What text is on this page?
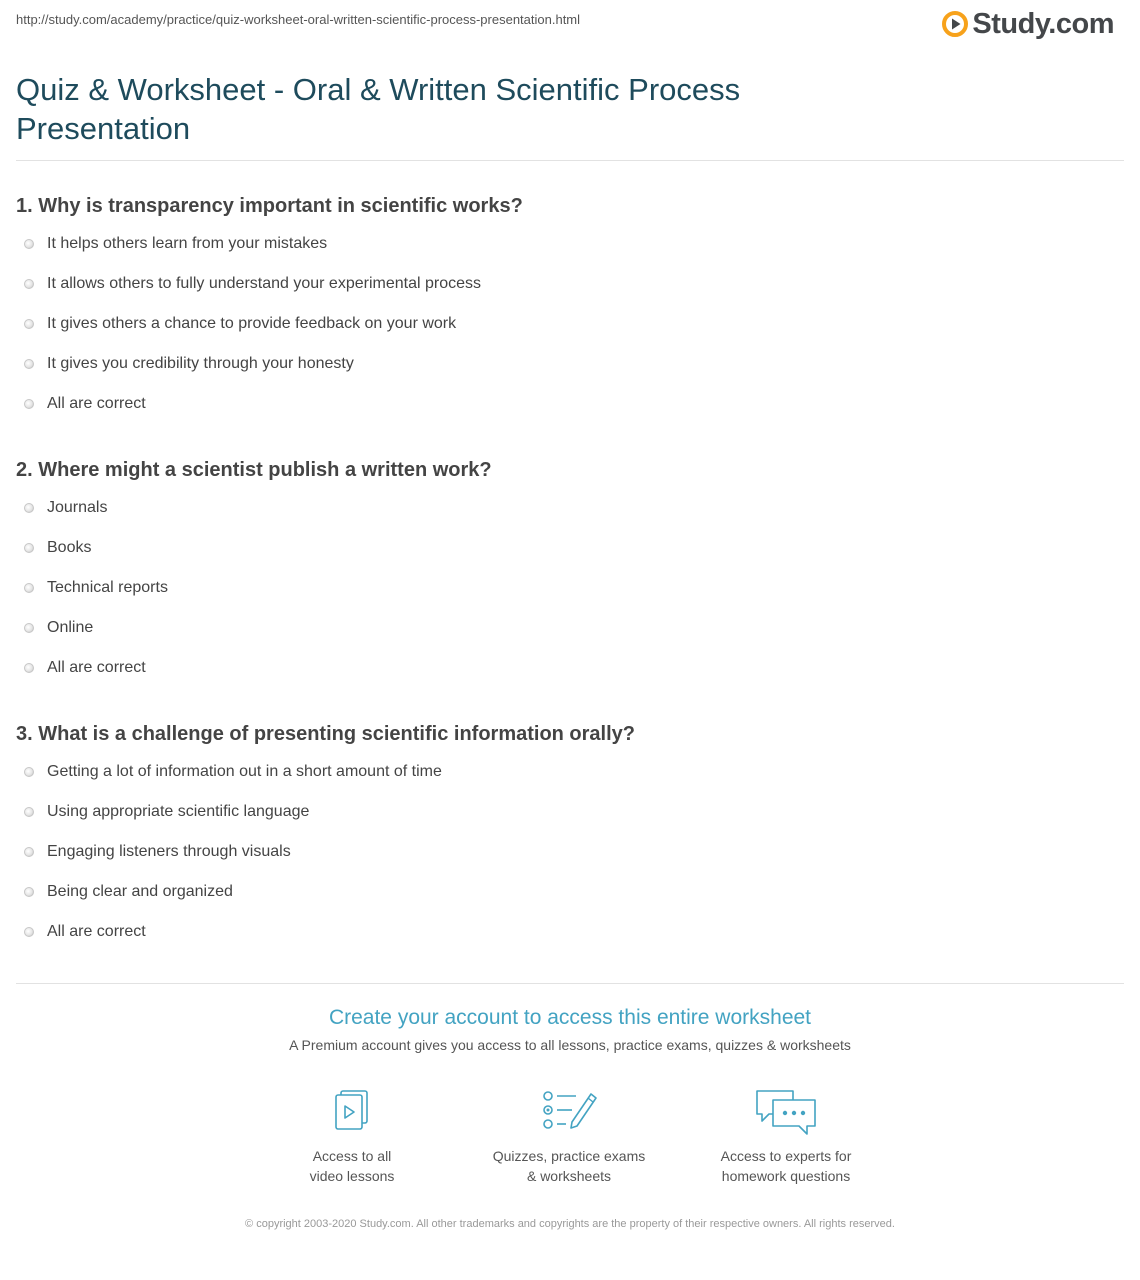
http://study.com/academy/practice/quiz-worksheet-oral-written-scientific-process-presentation.html	Study.com
Quiz & Worksheet - Oral & Written Scientific Process Presentation

1. Why is transparency important in scientific works?

It helps others learn from your mistakes
It allows others to fully understand your experimental process
It gives others a chance to provide feedback on your work
It gives you credibility through your honesty
All are correct

2. Where might a scientist publish a written work?

Journals
Books
Technical reports
Online
All are correct

3. What is a challenge of presenting scientific information orally?

Getting a lot of information out in a short amount of time
Using appropriate scientific language
Engaging listeners through visuals
Being clear and organized
All are correct
Create your account to access this entire worksheet
A Premium account gives you access to all lessons, practice exams, quizzes & worksheets
Access to all
video lessons
Quizzes, practice exams
& worksheets
Access to experts for
homework questions
© copyright 2003-2020 Study.com. All other trademarks and copyrights are the property of their respective owners. All rights reserved.
